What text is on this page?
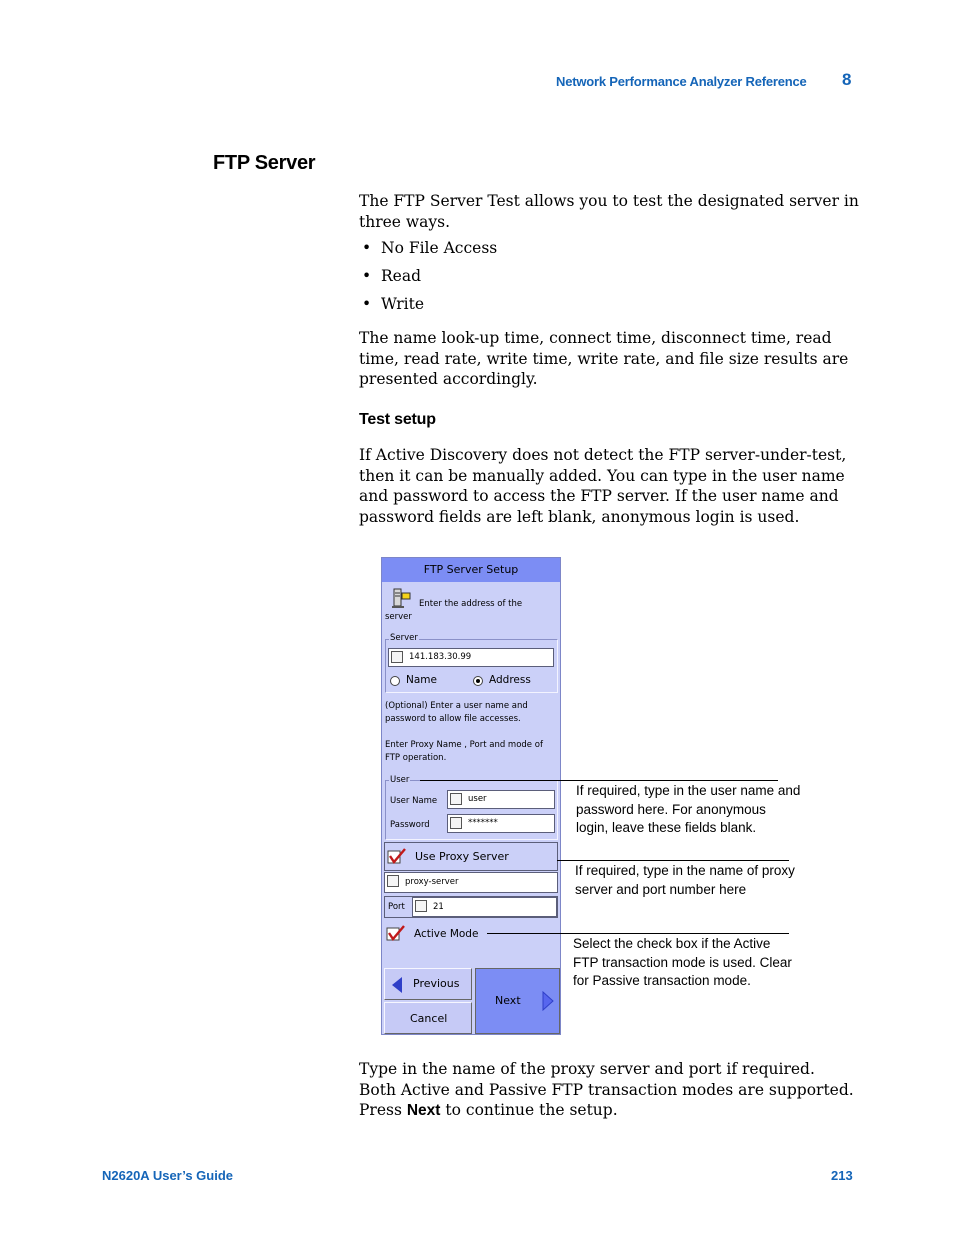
Network Performance Analyzer Reference 8
FTP Server
The FTP Server Test allows you to test the designated server in three ways.
• No File Access
• Read
• Write
The name look-up time, connect time, disconnect time, read time, read rate, write time, write rate, and file size results are presented accordingly.
Test setup
If Active Discovery does not detect the FTP server-under-test, then it can be manually added. You can type in the user name and password to access the FTP server. If the user name and password fields are left blank, anonymous login is used.
FTP Server Setup
Enter the address of the server
Server
141.183.30.99
Name	Address
(Optional) Enter a user name and password to allow file accesses.
Enter Proxy Name , Port and mode of FTP operation.
User
User Name	user
Password	*******
Use Proxy Server
proxy-server
Port	21
Active Mode
Previous
Cancel
Next
If required, type in the user name and password here. For anonymous login, leave these fields blank.
If required, type in the name of proxy server and port number here
Select the check box if the Active FTP transaction mode is used. Clear for Passive transaction mode.
Type in the name of the proxy server and port if required. Both Active and Passive FTP transaction modes are supported. Press Next to continue the setup.
N2620A User’s Guide	213
